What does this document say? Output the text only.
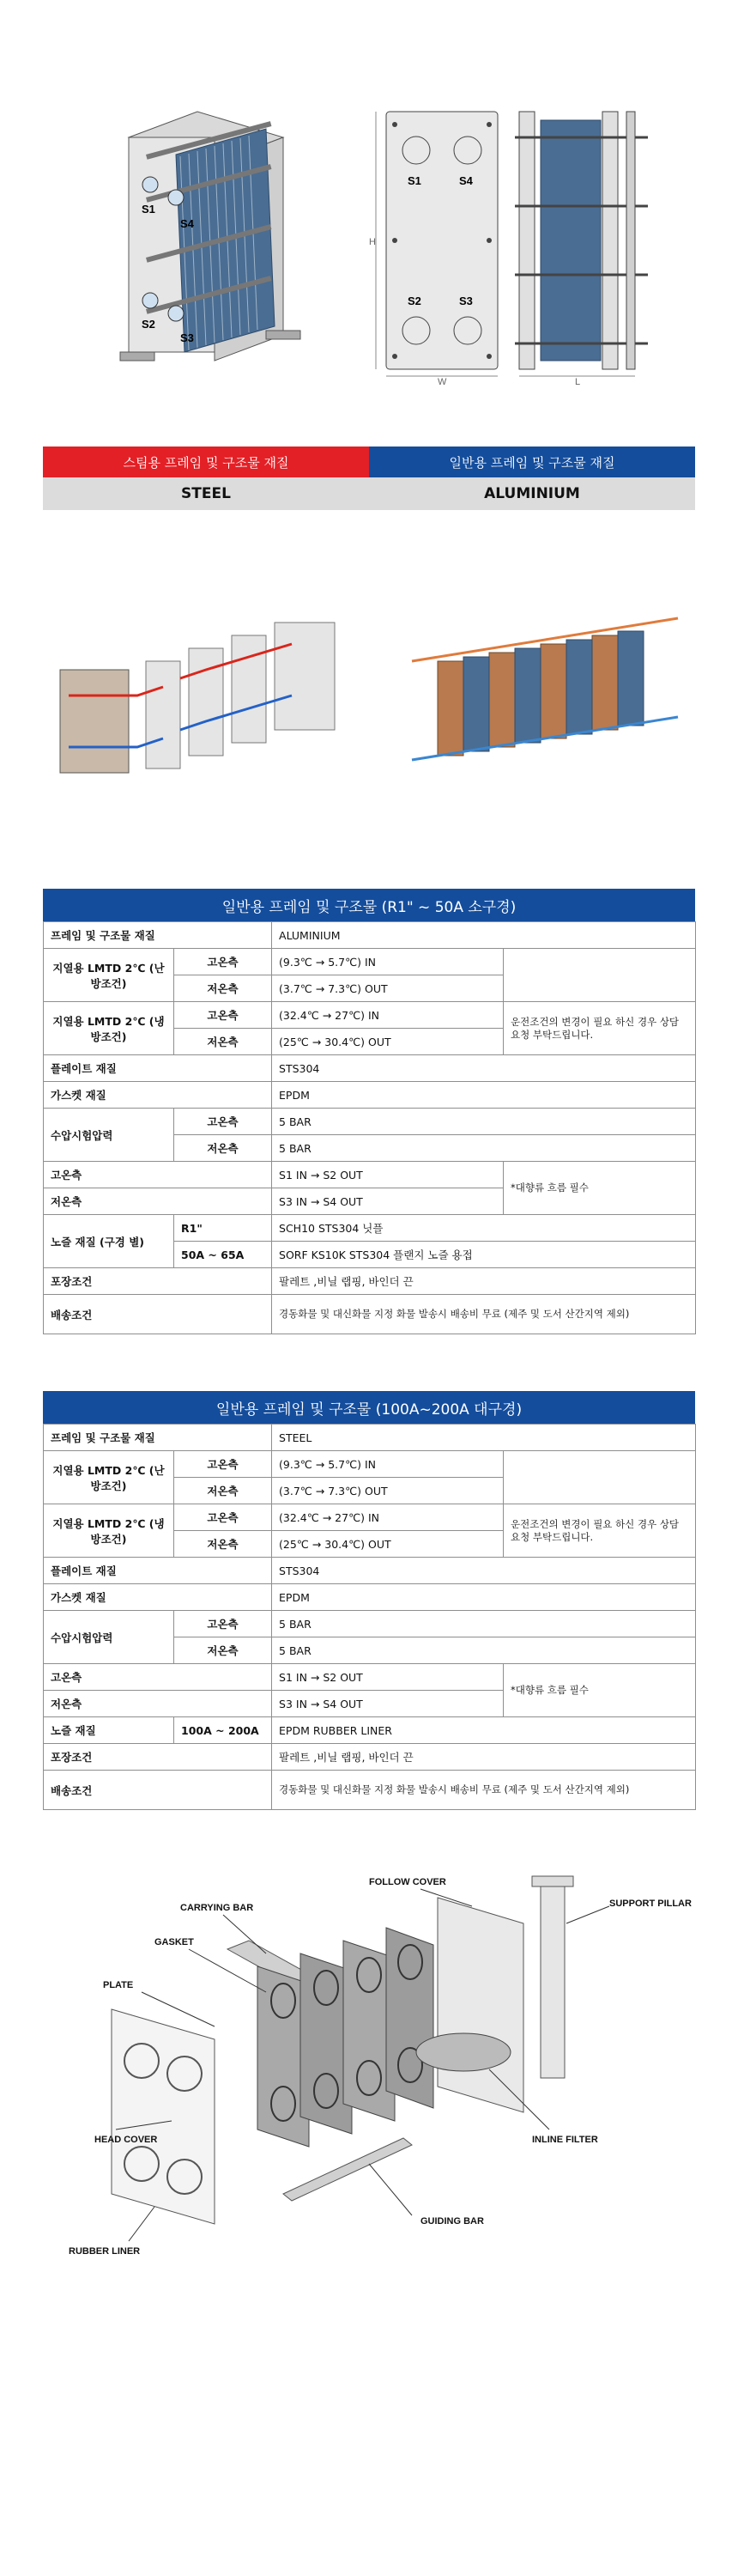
S1
S4
S2
S3
H
W
S1	S4
S2	S3
L
스팀용 프레임 및 구조물 재질	일반용 프레임 및 구조물 재질
STEEL	ALUMINIUM
일반용 프레임 및 구조물 (R1" ~ 50A 소구경)
프레임 및 구조물 재질		ALUMINIUM	
지열용 LMTD 2℃ (난방조건)	고온측	(9.3℃ → 5.7℃) IN	
	저온측	(3.7℃ → 7.3℃) OUT	
지열용 LMTD 2℃ (냉방조건)	고온측	(32.4℃ → 27℃) IN	운전조건의 변경이 필요 하신 경우 상담요청 부탁드립니다.
	저온측	(25℃ → 30.4℃) OUT	
플레이트 재질		STS304	
가스켓 재질		EPDM	
수압시험압력	고온측	5 BAR	
	저온측	5 BAR	
고온측		S1 IN → S2 OUT	*대향류 흐름 필수
저온측		S3 IN → S4 OUT	
노즐 재질 (구경 별)	R1"	SCH10 STS304 닛플	
	50A ~ 65A	SORF KS10K STS304 플랜지 노즐 용접	
포장조건		팔레트 ,비닐 랩핑, 바인더 끈	
배송조건		경동화물 및 대신화물 지정 화물 발송시 배송비 무료 (제주 및 도서 산간지역 제외)	
일반용 프레임 및 구조물 (100A~200A 대구경)
프레임 및 구조물 재질		STEEL	
지열용 LMTD 2℃ (난방조건)	고온측	(9.3℃ → 5.7℃) IN	
	저온측	(3.7℃ → 7.3℃) OUT	
지열용 LMTD 2℃ (냉방조건)	고온측	(32.4℃ → 27℃) IN	운전조건의 변경이 필요 하신 경우 상담요청 부탁드립니다.
	저온측	(25℃ → 30.4℃) OUT	
플레이트 재질		STS304	
가스켓 재질		EPDM	
수압시험압력	고온측	5 BAR	
	저온측	5 BAR	
고온측		S1 IN → S2 OUT	*대향류 흐름 필수
저온측		S3 IN → S4 OUT	
노즐 재질	100A ~ 200A	EPDM RUBBER LINER	
포장조건		팔레트 ,비닐 랩핑, 바인더 끈	
배송조건		경동화물 및 대신화물 지정 화물 발송시 배송비 무료 (제주 및 도서 산간지역 제외)	
FOLLOW COVER
CARRYING BAR	SUPPORT PILLAR
GASKET
PLATE
HEAD COVER	INLINE FILTER
GUIDING BAR
RUBBER LINER
